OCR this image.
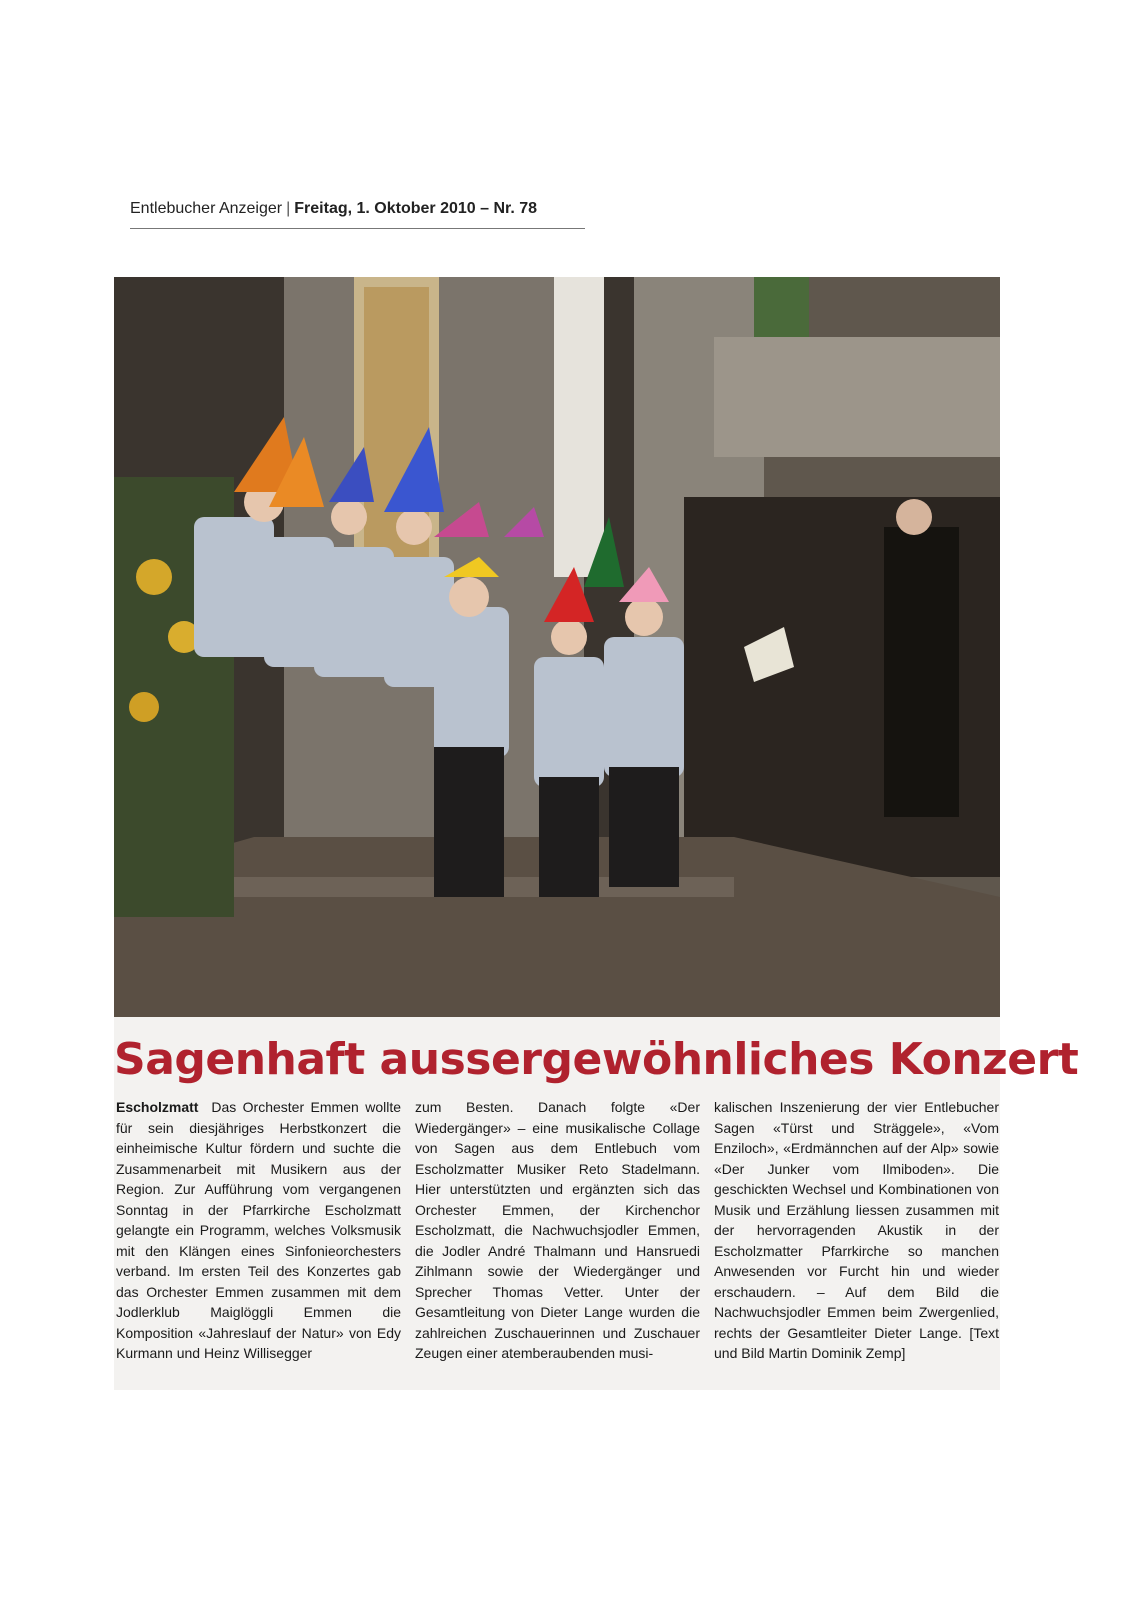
Entlebucher Anzeiger | Freitag, 1. Oktober 2010 – Nr. 78
Sagenhaft aussergewöhnliches Konzert
Escholzmatt Das Orchester Emmen wollte für sein diesjähriges Herbstkonzert die einheimische Kultur fördern und suchte die Zusammenarbeit mit Musikern aus der Region. Zur Aufführung vom vergangenen Sonntag in der Pfarrkirche Escholzmatt gelangte ein Programm, welches Volksmusik mit den Klängen eines Sinfonieorchesters verband. Im ersten Teil des Konzertes gab das Orchester Emmen zusammen mit dem Jodlerklub Maiglöggli Emmen die Komposition «Jahreslauf der Natur» von Edy Kurmann und Heinz Willisegger
zum Besten. Danach folgte «Der Wiedergänger» – eine musikalische Collage von Sagen aus dem Entlebuch vom Escholzmatter Musiker Reto Stadelmann. Hier unterstützten und ergänzten sich das Orchester Emmen, der Kirchenchor Escholzmatt, die Nachwuchsjodler Emmen, die Jodler André Thalmann und Hansruedi Zihlmann sowie der Wiedergänger und Sprecher Thomas Vetter. Unter der Gesamtleitung von Dieter Lange wurden die zahlreichen Zuschauerinnen und Zuschauer Zeugen einer atemberaubenden musi-
kalischen Inszenierung der vier Entlebucher Sagen «Türst und Sträggele», «Vom Enziloch», «Erdmännchen auf der Alp» sowie «Der Junker vom Ilmiboden». Die geschickten Wechsel und Kombinationen von Musik und Erzählung liessen zusammen mit der hervorragenden Akustik in der Escholzmatter Pfarrkirche so manchen Anwesenden vor Furcht hin und wieder erschaudern. – Auf dem Bild die Nachwuchsjodler Emmen beim Zwergenlied, rechts der Gesamtleiter Dieter Lange. [Text und Bild Martin Dominik Zemp]
